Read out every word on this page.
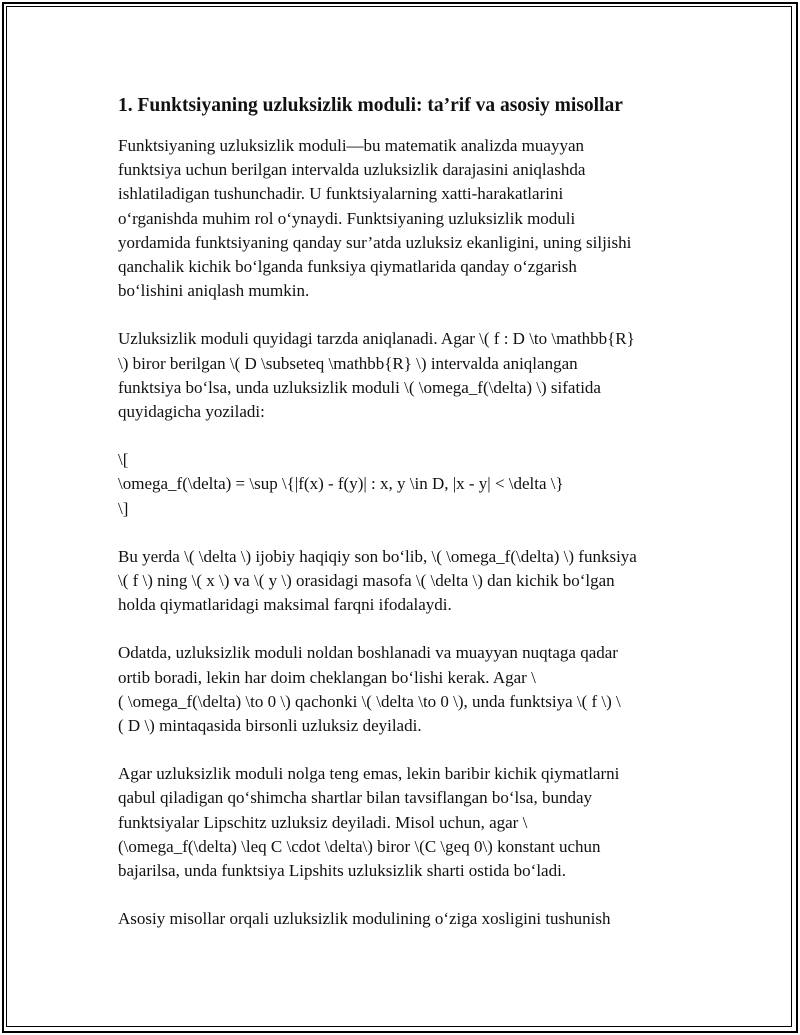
1. Funktsiyaning uzluksizlik moduli: ta’rif va asosiy misollar

Funktsiyaning uzluksizlik moduli—bu matematik analizda muayyan
funktsiya uchun berilgan intervalda uzluksizlik darajasini aniqlashda
ishlatiladigan tushunchadir. U funktsiyalarning xatti-harakatlarini
o‘rganishda muhim rol o‘ynaydi. Funktsiyaning uzluksizlik moduli
yordamida funktsiyaning qanday sur’atda uzluksiz ekanligini, uning siljishi
qanchalik kichik bo‘lganda funksiya qiymatlarida qanday o‘zgarish
bo‘lishini aniqlash mumkin.

Uzluksizlik moduli quyidagi tarzda aniqlanadi. Agar \( f : D \to \mathbb{R}
\) biror berilgan \( D \subseteq \mathbb{R} \) intervalda aniqlangan
funktsiya bo‘lsa, unda uzluksizlik moduli \( \omega_f(\delta) \) sifatida
quyidagicha yoziladi:

\[
\omega_f(\delta) = \sup \{|f(x) - f(y)| : x, y \in D, |x - y| < \delta \}
\]

Bu yerda \( \delta \) ijobiy haqiqiy son bo‘lib, \( \omega_f(\delta) \) funksiya
\( f \) ning \( x \) va \( y \) orasidagi masofa \( \delta \) dan kichik bo‘lgan
holda qiymatlaridagi maksimal farqni ifodalaydi.

Odatda, uzluksizlik moduli noldan boshlanadi va muayyan nuqtaga qadar
ortib boradi, lekin har doim cheklangan bo‘lishi kerak. Agar \
( \omega_f(\delta) \to 0 \) qachonki \( \delta \to 0 \), unda funktsiya \( f \) \
( D \) mintaqasida birsonli uzluksiz deyiladi.

Agar uzluksizlik moduli nolga teng emas, lekin baribir kichik qiymatlarni
qabul qiladigan qo‘shimcha shartlar bilan tavsiflangan bo‘lsa, bunday
funktsiyalar Lipschitz uzluksiz deyiladi. Misol uchun, agar \
(\omega_f(\delta) \leq C \cdot \delta\) biror \(C \geq 0\) konstant uchun
bajarilsa, unda funktsiya Lipshits uzluksizlik sharti ostida bo‘ladi.

Asosiy misollar orqali uzluksizlik modulining o‘ziga xosligini tushunish
